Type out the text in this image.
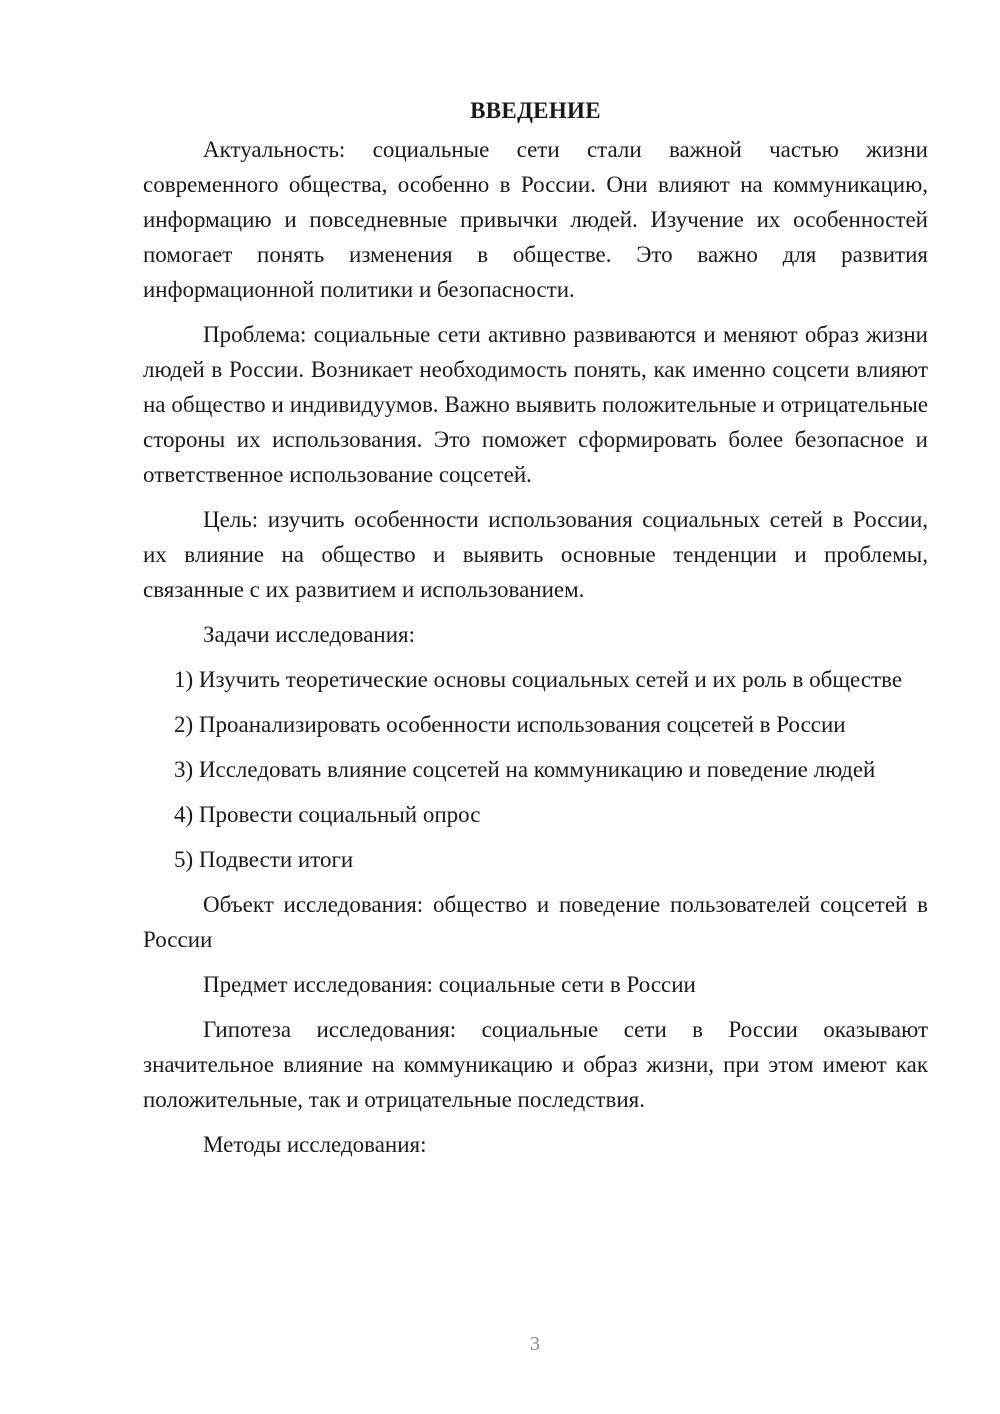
ВВЕДЕНИЕ

Актуальность: социальные сети стали важной частью жизни современного общества, особенно в России. Они влияют на коммуникацию, информацию и повседневные привычки людей. Изучение их особенностей помогает понять изменения в обществе. Это важно для развития информационной политики и безопасности.

Проблема: социальные сети активно развиваются и меняют образ жизни людей в России. Возникает необходимость понять, как именно соцсети влияют на общество и индивидуумов. Важно выявить положительные и отрицательные стороны их использования. Это поможет сформировать более безопасное и ответственное использование соцсетей.

Цель: изучить особенности использования социальных сетей в России, их влияние на общество и выявить основные тенденции и проблемы, связанные с их развитием и использованием.

Задачи исследования:

1) Изучить теоретические основы социальных сетей и их роль в обществе

2) Проанализировать особенности использования соцсетей в России

3) Исследовать влияние соцсетей на коммуникацию и поведение людей

4) Провести социальный опрос

5) Подвести итоги

Объект исследования: общество и поведение пользователей соцсетей в России

Предмет исследования: социальные сети в России

Гипотеза исследования: социальные сети в России оказывают значительное влияние на коммуникацию и образ жизни, при этом имеют как положительные, так и отрицательные последствия.

Методы исследования:

3
